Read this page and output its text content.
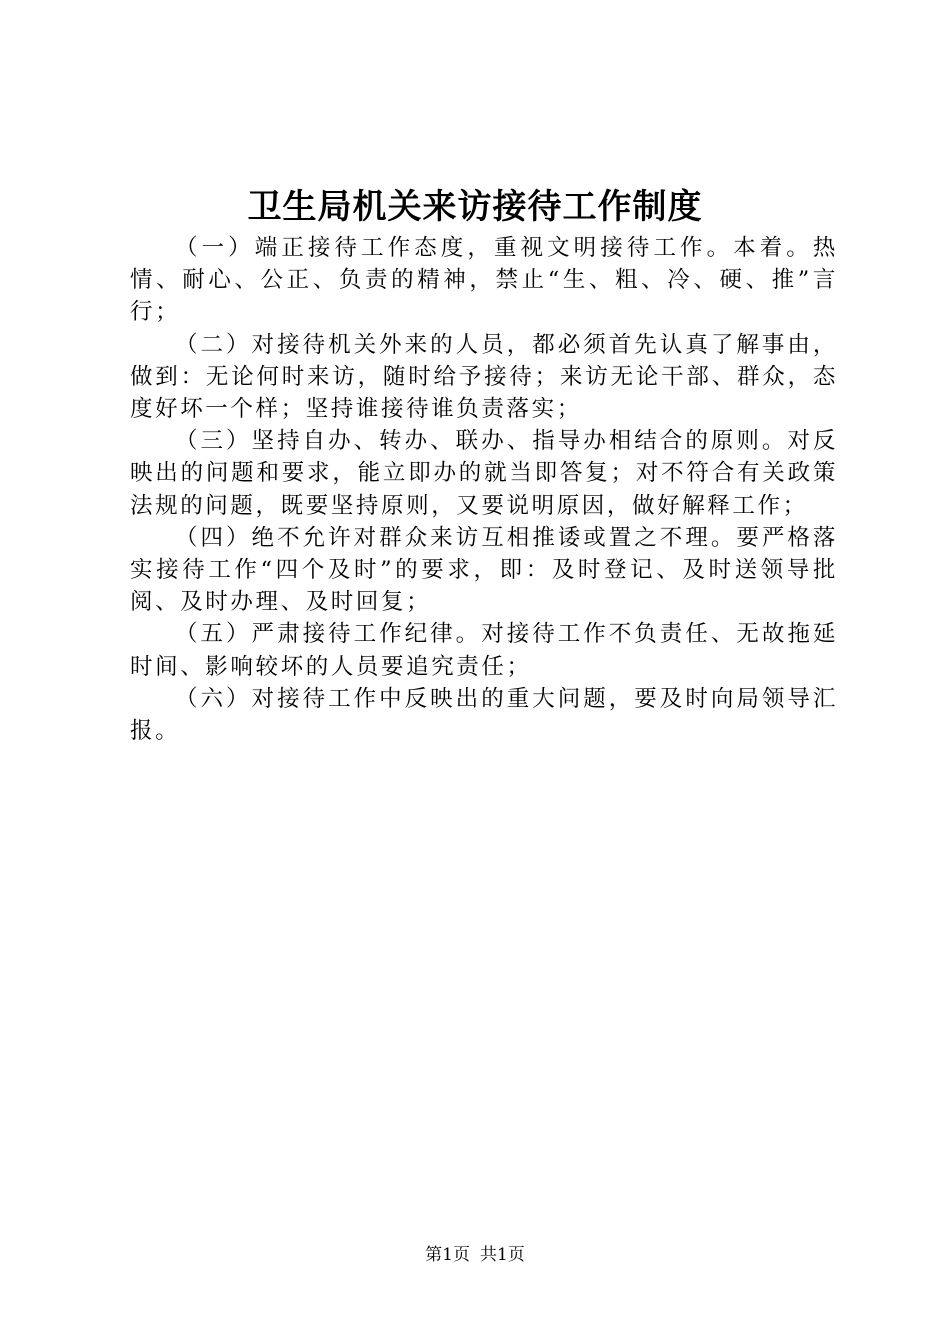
卫生局机关来访接待工作制度

（一）端正接待工作态度，重视文明接待工作。本着。热情、耐心、公正、负责的精神，禁止“生、粗、冷、硬、推”言行；

（二）对接待机关外来的人员，都必须首先认真了解事由，做到：无论何时来访，随时给予接待；来访无论干部、群众，态度好坏一个样；坚持谁接待谁负责落实；

（三）坚持自办、转办、联办、指导办相结合的原则。对反映出的问题和要求，能立即办的就当即答复；对不符合有关政策法规的问题，既要坚持原则，又要说明原因，做好解释工作；

（四）绝不允许对群众来访互相推诿或置之不理。要严格落实接待工作“四个及时”的要求，即：及时登记、及时送领导批阅、及时办理、及时回复；

（五）严肃接待工作纪律。对接待工作不负责任、无故拖延时间、影响较坏的人员要追究责任；

（六）对接待工作中反映出的重大问题，要及时向局领导汇报。

第1页 共1页
